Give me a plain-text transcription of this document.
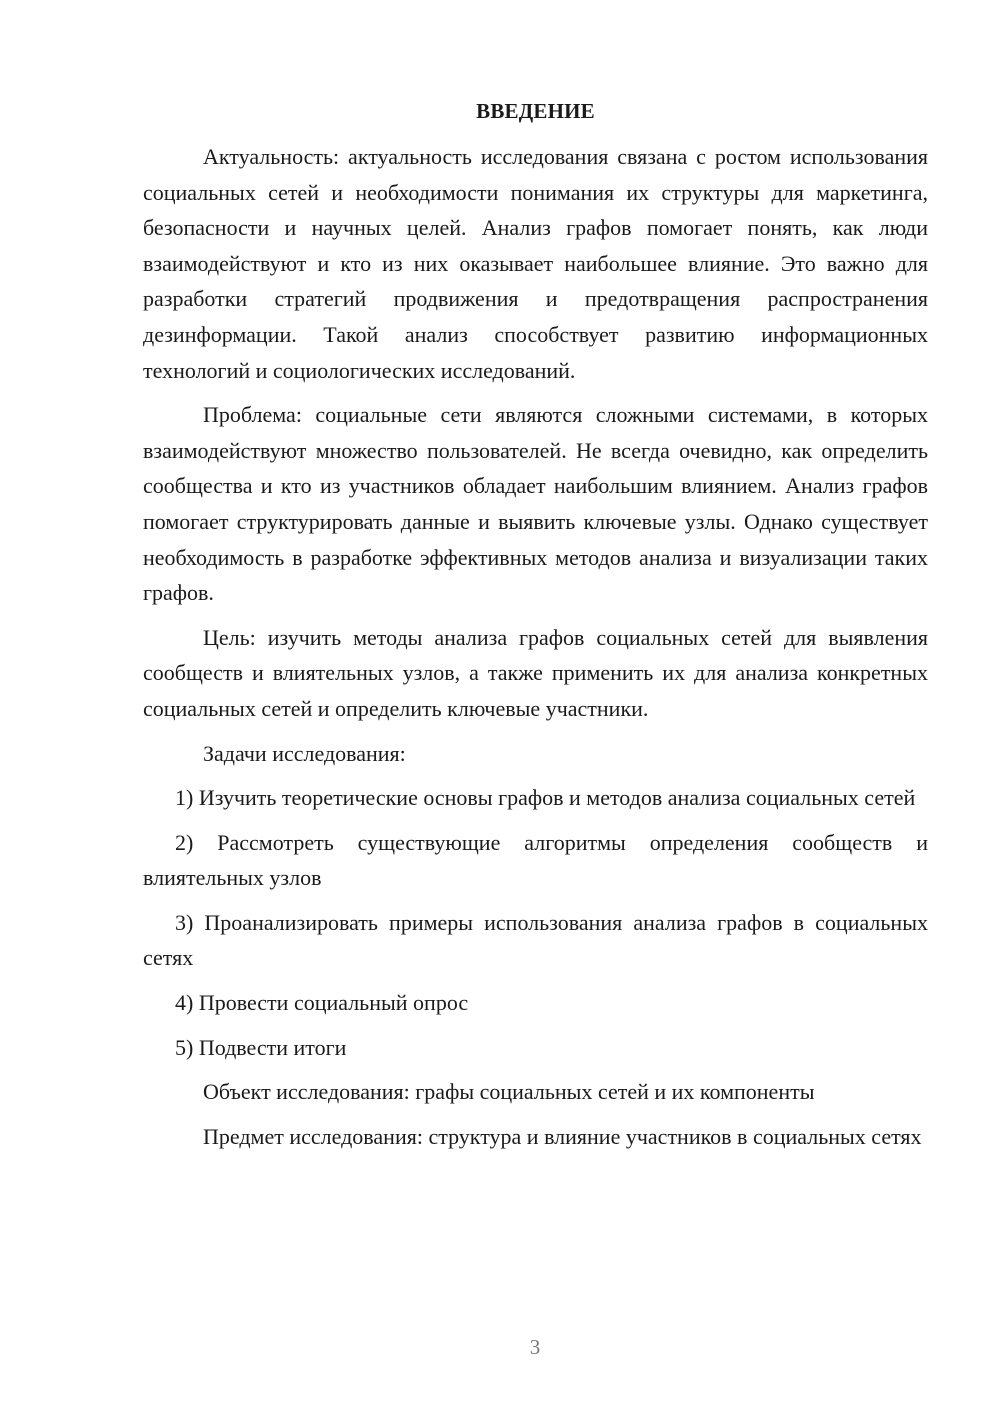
ВВЕДЕНИЕ

Актуальность: актуальность исследования связана с ростом использования социальных сетей и необходимости понимания их структуры для маркетинга, безопасности и научных целей. Анализ графов помогает понять, как люди взаимодействуют и кто из них оказывает наибольшее влияние. Это важно для разработки стратегий продвижения и предотвращения распространения дезинформации. Такой анализ способствует развитию информационных технологий и социологических исследований.

Проблема: социальные сети являются сложными системами, в которых взаимодействуют множество пользователей. Не всегда очевидно, как определить сообщества и кто из участников обладает наибольшим влиянием. Анализ графов помогает структурировать данные и выявить ключевые узлы. Однако существует необходимость в разработке эффективных методов анализа и визуализации таких графов.

Цель: изучить методы анализа графов социальных сетей для выявления сообществ и влиятельных узлов, а также применить их для анализа конкретных социальных сетей и определить ключевые участники.

Задачи исследования:

1) Изучить теоретические основы графов и методов анализа социальных сетей

2) Рассмотреть существующие алгоритмы определения сообществ и влиятельных узлов

3) Проанализировать примеры использования анализа графов в социальных сетях

4) Провести социальный опрос

5) Подвести итоги

Объект исследования: графы социальных сетей и их компоненты

Предмет исследования: структура и влияние участников в социальных сетях

3
